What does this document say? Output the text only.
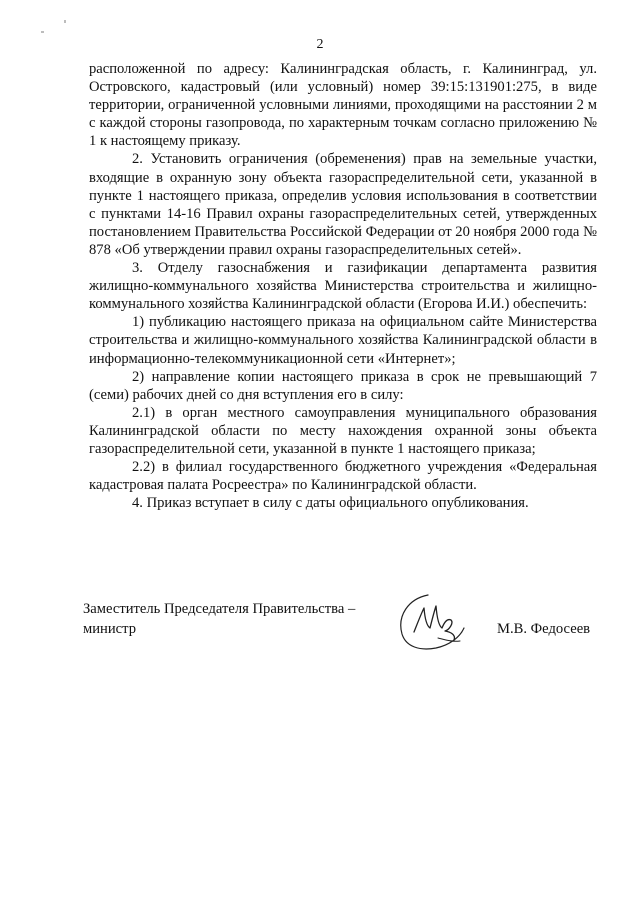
2

расположенной по адресу: Калининградская область, г. Калининград, ул. Островского, кадастровый (или условный) номер 39:15:131901:275, в виде территории, ограниченной условными линиями, проходящими на расстоянии 2 м с каждой стороны газопровода, по характерным точкам согласно приложению № 1 к настоящему приказу.

2. Установить ограничения (обременения) прав на земельные участки, входящие в охранную зону объекта газораспределительной сети, указанной в пункте 1 настоящего приказа, определив условия использования в соответствии с пунктами 14-16 Правил охраны газораспределительных сетей, утвержденных постановлением Правительства Российской Федерации от 20 ноября 2000 года № 878 «Об утверждении правил охраны газораспределительных сетей».

3. Отделу газоснабжения и газификации департамента развития жилищно-коммунального хозяйства Министерства строительства и жилищно-коммунального хозяйства Калининградской области (Егорова И.И.) обеспечить:

1) публикацию настоящего приказа на официальном сайте Министерства строительства и жилищно-коммунального хозяйства Калининградской области в информационно-телекоммуникационной сети «Интернет»;

2) направление копии настоящего приказа в срок не превышающий 7 (семи) рабочих дней со дня вступления его в силу:

2.1) в орган местного самоуправления муниципального образования Калининградской области по месту нахождения охранной зоны объекта газораспределительной сети, указанной в пункте 1 настоящего приказа;

2.2) в филиал государственного бюджетного учреждения «Федеральная кадастровая палата Росреестра» по Калининградской области.

4. Приказ вступает в силу с даты официального опубликования.

Заместитель Председателя Правительства –
министр	М.В. Федосеев
